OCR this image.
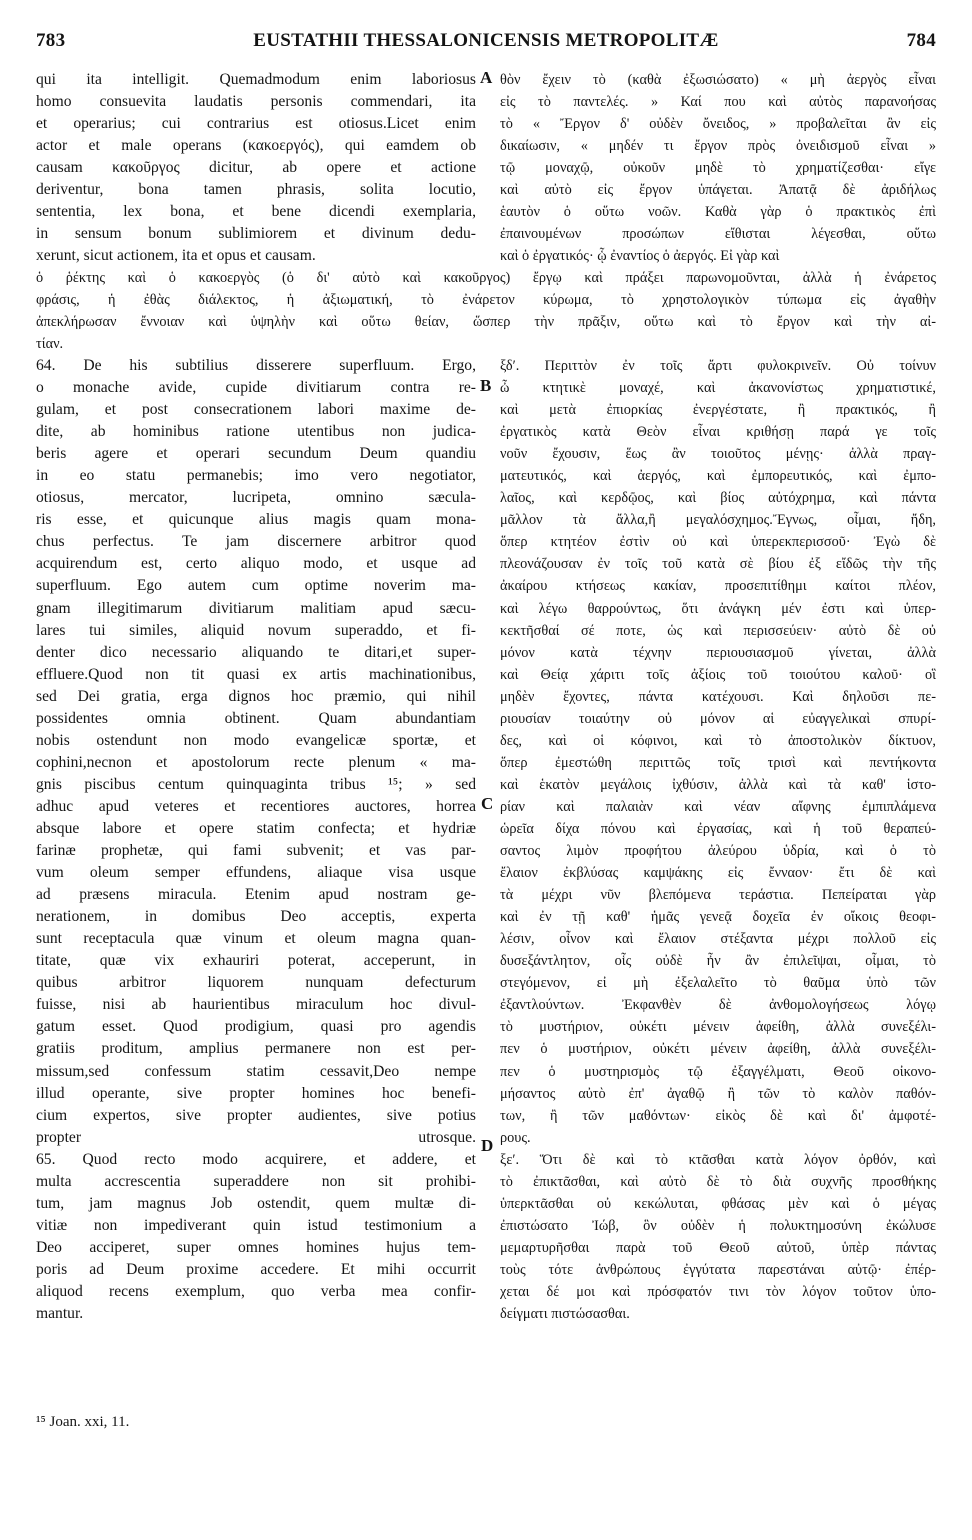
783	EUSTATHII THESSALONICENSIS METROPOLITÆ	784
A
B
C
D
qui ita intelligit. Quemadmodum enim laboriosus
homo consuevita laudatis personis commendari, ita
et operarius; cui contrarius est otiosus.Licet enim
actor et male operans (κακοεργός), qui eamdem ob
causam κακοῦργος dicitur, ab opere et actione
deriventur, bona tamen phrasis, solita locutio,
sententia, lex bona, et bene dicendi exemplaria,
in sensum bonum sublimiorem et divinum dedu-
xerunt, sicut actionem, ita et opus et causam.
θὸν ἔχειν τὸ (καθὰ ἐξωσιώσατο) « μὴ ἀεργὸς εἶναι
εἰς τὸ παντελές. » Καί που καὶ αὐτὸς παρανοήσας
τὸ « Ἔργον δ' οὐδὲν ὄνειδος, » προβαλεῖται ἂν εἰς
δικαίωσιν, « μηδέν τι ἔργον πρὸς ὀνειδισμοῦ εἶναι »
τῷ μοναχῷ, οὐκοῦν μηδὲ τὸ χρηματίζεσθαι· εἴγε
καὶ αὐτὸ εἰς ἔργον ὑπάγεται. Ἀπατᾷ δὲ ἀριδήλως
ἑαυτὸν ὁ οὕτω νοῶν. Καθὰ γὰρ ὁ πρακτικὸς ἐπὶ
ἐπαινουμένων προσώπων εἴθισται λέγεσθαι, οὕτω
καὶ ὁ ἐργατικός· ᾧ ἐναντίος ὁ ἀεργός. Εἰ γὰρ καὶ
ὁ ῥέκτης καὶ ὁ κακοεργὸς (ὁ δι' αὐτὸ καὶ κακοῦργος) ἔργῳ καὶ πράξει παρωνομοῦνται, ἀλλὰ ἡ ἐνάρετος
φράσις, ἡ ἐθὰς διάλεκτος, ἡ ἀξιωματική, τὸ ἐνάρετον κύρωμα, τὸ χρηστολογικὸν τύπωμα εἰς ἀγαθὴν
ἀπεκλήρωσαν ἔννοιαν καὶ ὑψηλὴν καὶ οὕτω θείαν, ὥσπερ τὴν πρᾶξιν, οὕτω καὶ τὸ ἔργον καὶ τὴν αἰ-
τίαν.
64. De his subtilius disserere superfluum. Ergo,
o monache avide, cupide divitiarum contra re-
gulam, et post consecrationem labori maxime de-
dite, ab hominibus ratione utentibus non judica-
beris agere et operari secundum Deum quandiu
in eo statu permanebis; imo vero negotiator,
otiosus, mercator, lucripeta, omnino sæcula-
ris esse, et quicunque alius magis quam mona-
chus perfectus. Te jam discernere arbitror quod
acquirendum est, certo aliquo modo, et usque ad
superfluum. Ego autem cum optime noverim ma-
gnam illegitimarum divitiarum malitiam apud sæcu-
lares tui similes, aliquid novum superaddo, et fi-
denter dico necessario aliquando te ditari,et super-
effluere.Quod non tit quasi ex artis machinationibus,
sed Dei gratia, erga dignos hoc præmio, qui nihil
possidentes omnia obtinent. Quam abundantiam
nobis ostendunt non modo evangelicæ sportæ, et
cophini,necnon et apostolorum recte plenum « ma-
gnis piscibus centum quinquaginta tribus ¹⁵; » sed
adhuc apud veteres et recentiores auctores, horrea
absque labore et opere statim confecta; et hydriæ
farinæ prophetæ, qui fami subvenit; et vas par-
vum oleum semper effundens, aliaque visa usque
ad præsens miracula. Etenim apud nostram ge-
nerationem, in domibus Deo acceptis, experta
sunt receptacula quæ vinum et oleum magna quan-
titate, quæ vix exhauriri poterat, acceperunt, in
quibus arbitror liquorem nunquam defecturum
fuisse, nisi ab haurientibus miraculum hoc divul-
gatum esset. Quod prodigium, quasi pro agendis
gratiis proditum, amplius permanere non est per-
missum,sed confessum statim cessavit,Deo nempe
illud operante, sive propter homines hoc benefi-
cium expertos, sive propter audientes, sive potius
propter utrosque.
65. Quod recto modo acquirere, et addere, et
multa accrescentia superaddere non sit prohibi-
tum, jam magnus Job ostendit, quem multæ di-
vitiæ non impediverant quin istud testimonium a
Deo acciperet, super omnes homines hujus tem-
poris ad Deum proxime accedere. Et mihi occurrit
aliquod recens exemplum, quo verba mea confir-
mantur.
ξδʹ. Περιττὸν ἐν τοῖς ἄρτι φυλοκρινεῖν. Οὐ τοίνυν
ὦ κτητικὲ μοναχέ, καὶ ἀκανονίστως χρηματιστικέ,
καὶ μετὰ ἐπιορκίας ἐνεργέστατε, ἢ πρακτικός, ἢ
ἐργατικὸς κατὰ Θεὸν εἶναι κριθήσῃ παρά γε τοῖς
νοῦν ἔχουσιν, ἕως ἂν τοιοῦτος μένῃς· ἀλλὰ πραγ-
ματευτικός, καὶ ἀεργός, καὶ ἐμπορευτικός, καὶ ἐμπο-
λαῖος, καὶ κερδῷος, καὶ βίος αὐτόχρημα, καὶ πάντα
μᾶλλον τὰ ἄλλα,ἢ μεγαλόσχημος.Ἔγνως, οἶμαι, ἤδη,
ὅπερ κτητέον ἐστὶν οὐ καὶ ὑπερεκπερισσοῦ· Ἐγὼ δὲ
πλεονάζουσαν ἐν τοῖς τοῦ κατὰ σὲ βίου ἐξ εἴδῶς τὴν τῆς
ἀκαίρου κτήσεως κακίαν, προσεπιτίθημι καίτοι πλέον,
καὶ λέγω θαρρούντως, ὅτι ἀνάγκη μέν ἐστι καὶ ὑπερ-
κεκτῆσθαί σέ ποτε, ὡς καὶ περισσεύειν· αὐτὸ δὲ οὐ
μόνον κατὰ τέχνην περιουσιασμοῦ γίνεται, ἀλλὰ
καὶ Θείᾳ χάριτι τοῖς ἀξίοις τοῦ τοιούτου καλοῦ· οἳ
μηδὲν ἔχοντες, πάντα κατέχουσι. Καὶ δηλοῦσι πε-
ριουσίαν τοιαύτην οὐ μόνον αἱ εὐαγγελικαὶ σπυρί-
δες, καὶ οἱ κόφινοι, καὶ τὸ ἀποστολικὸν δίκτυον,
ὅπερ ἐμεστώθη περιττῶς τοῖς τρισὶ καὶ πεντήκοντα
καὶ ἑκατὸν μεγάλοις ἰχθύσιν, ἀλλὰ καὶ τὰ καθ' ἱστο-
ρίαν καὶ παλαιὰν καὶ νέαν αἴφνης ἐμπιπλάμενα
ὡρεῖα δίχα πόνου καὶ ἐργασίας, καὶ ἡ τοῦ θεραπεύ-
σαντος λιμὸν προφήτου ἀλεύρου ὑδρία, καὶ ὁ τὸ
ἔλαιον ἐκβλύσας καμψάκης εἰς ἔνναον· ἔτι δὲ καὶ
τὰ μέχρι νῦν βλεπόμενα τεράστια. Πεπείραται γὰρ
καὶ ἐν τῇ καθ' ἡμᾶς γενεᾷ δοχεῖα ἐν οἴκοις θεοφι-
λέσιν, οἶνον καὶ ἔλαιον στέξαντα μέχρι πολλοῦ εἰς
δυσεξάντλητον, οἷς οὐδὲ ἦν ἂν ἐπιλεῖψαι, οἶμαι, τὸ
στεγόμενον, εἰ μὴ ἐξελαλεῖτο τὸ θαῦμα ὑπὸ τῶν
ἐξαντλούντων. Ἐκφανθὲν δὲ ἀνθομολογήσεως λόγῳ
τὸ μυστήριον, οὐκέτι μένειν ἀφείθη, ἀλλὰ συνεξέλι-
πεν ὁ μυστήριον, οὐκέτι μένειν ἀφείθη, ἀλλὰ συνεξέλι-
πεν ὁ μυστηρισμὸς τῷ ἐξαγγέλματι, Θεοῦ οἰκονο-
μήσαντος αὐτὸ ἐπ' ἀγαθῷ ἢ τῶν τὸ καλὸν παθόν-
των, ἢ τῶν μαθόντων· εἰκὸς δὲ καὶ δι' ἀμφοτέ-
ρους.
ξεʹ. Ὅτι δὲ καὶ τὸ κτᾶσθαι κατὰ λόγον ὀρθόν, καὶ
τὸ ἐπικτᾶσθαι, καὶ αὐτὸ δὲ τὸ διὰ συχνῆς προσθήκης
ὑπερκτᾶσθαι οὐ κεκώλυται, φθάσας μὲν καὶ ὁ μέγας
ἐπιστώσατο Ἰώβ, ὃν οὐδὲν ἡ πολυκτημοσύνη ἐκώλυσε
μεμαρτυρῆσθαι παρὰ τοῦ Θεοῦ αὐτοῦ, ὑπὲρ πάντας
τοὺς τότε ἀνθρώπους ἐγγύτατα παρεστάναι αὐτῷ· ἐπέρ-
χεται δέ μοι καὶ πρόσφατόν τινι τὸν λόγον τοῦτον ὑπο-
δείγματι πιστώσασθαι.
¹⁵ Joan. xxi, 11.
